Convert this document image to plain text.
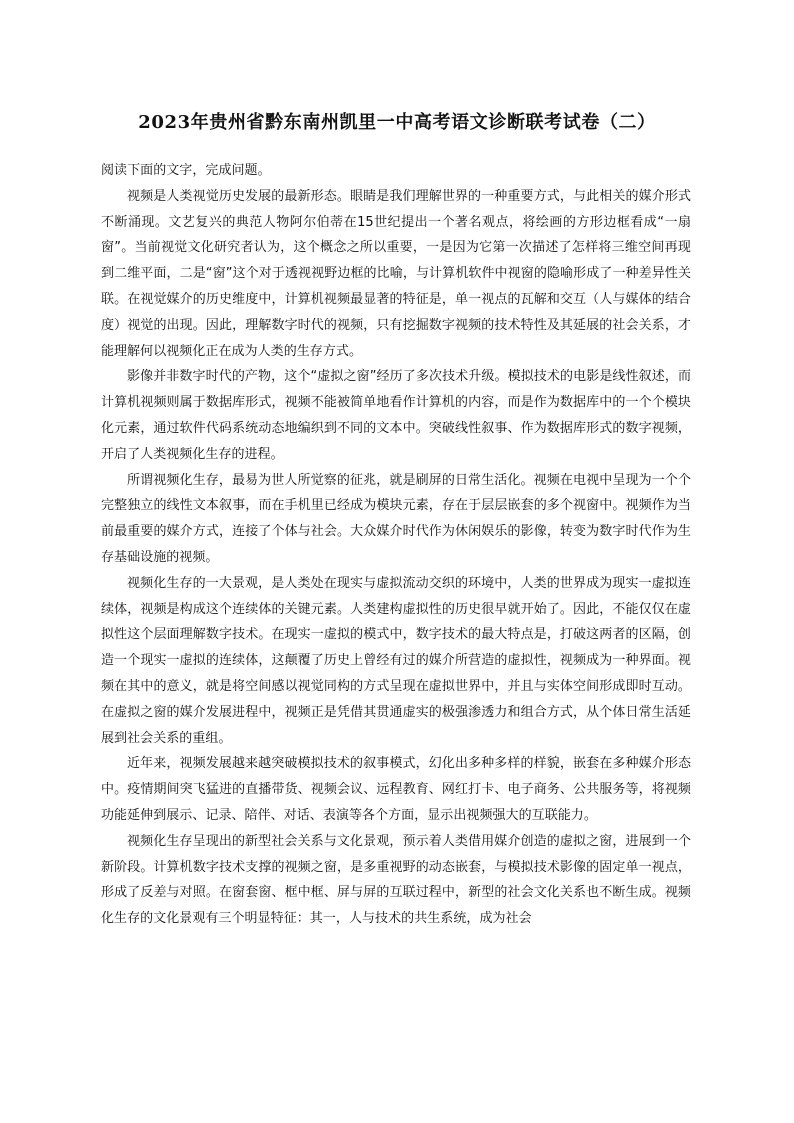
2023年贵州省黔东南州凯里一中高考语文诊断联考试卷（二）

阅读下面的文字，完成问题。

视频是人类视觉历史发展的最新形态。眼睛是我们理解世界的一种重要方式，与此相关的媒介形式不断涌现。文艺复兴的典范人物阿尔伯蒂在15世纪提出一个著名观点，将绘画的方形边框看成“一扇窗”。当前视觉文化研究者认为，这个概念之所以重要，一是因为它第一次描述了怎样将三维空间再现到二维平面，二是“窗”这个对于透视视野边框的比喻，与计算机软件中视窗的隐喻形成了一种差异性关联。在视觉媒介的历史维度中，计算机视频最显著的特征是，单一视点的瓦解和交互（人与媒体的结合度）视觉的出现。因此，理解数字时代的视频，只有挖掘数字视频的技术特性及其延展的社会关系，才能理解何以视频化正在成为人类的生存方式。

影像并非数字时代的产物，这个“虚拟之窗”经历了多次技术升级。模拟技术的电影是线性叙述，而计算机视频则属于数据库形式，视频不能被简单地看作计算机的内容，而是作为数据库中的一个个模块化元素，通过软件代码系统动态地编织到不同的文本中。突破线性叙事、作为数据库形式的数字视频，开启了人类视频化生存的进程。

所谓视频化生存，最易为世人所觉察的征兆，就是刷屏的日常生活化。视频在电视中呈现为一个个完整独立的线性文本叙事，而在手机里已经成为模块元素，存在于层层嵌套的多个视窗中。视频作为当前最重要的媒介方式，连接了个体与社会。大众媒介时代作为休闲娱乐的影像，转变为数字时代作为生存基础设施的视频。

视频化生存的一大景观，是人类处在现实与虚拟流动交织的环境中，人类的世界成为现实一虚拟连续体，视频是构成这个连续体的关键元素。人类建构虚拟性的历史很早就开始了。因此，不能仅仅在虚拟性这个层面理解数字技术。在现实一虚拟的模式中，数字技术的最大特点是，打破这两者的区隔，创造一个现实一虚拟的连续体，这颠覆了历史上曾经有过的媒介所营造的虚拟性，视频成为一种界面。视频在其中的意义，就是将空间感以视觉同构的方式呈现在虚拟世界中，并且与实体空间形成即时互动。在虚拟之窗的媒介发展进程中，视频正是凭借其贯通虚实的极强渗透力和组合方式，从个体日常生活延展到社会关系的重组。

近年来，视频发展越来越突破模拟技术的叙事模式，幻化出多种多样的样貌，嵌套在多种媒介形态中。疫情期间突飞猛进的直播带货、视频会议、远程教育、网红打卡、电子商务、公共服务等，将视频功能延伸到展示、记录、陪伴、对话、表演等各个方面，显示出视频强大的互联能力。

视频化生存呈现出的新型社会关系与文化景观，预示着人类借用媒介创造的虚拟之窗，进展到一个新阶段。计算机数字技术支撑的视频之窗，是多重视野的动态嵌套，与模拟技术影像的固定单一视点，形成了反差与对照。在窗套窗、框中框、屏与屏的互联过程中，新型的社会文化关系也不断生成。视频化生存的文化景观有三个明显特征：其一，人与技术的共生系统，成为社会
